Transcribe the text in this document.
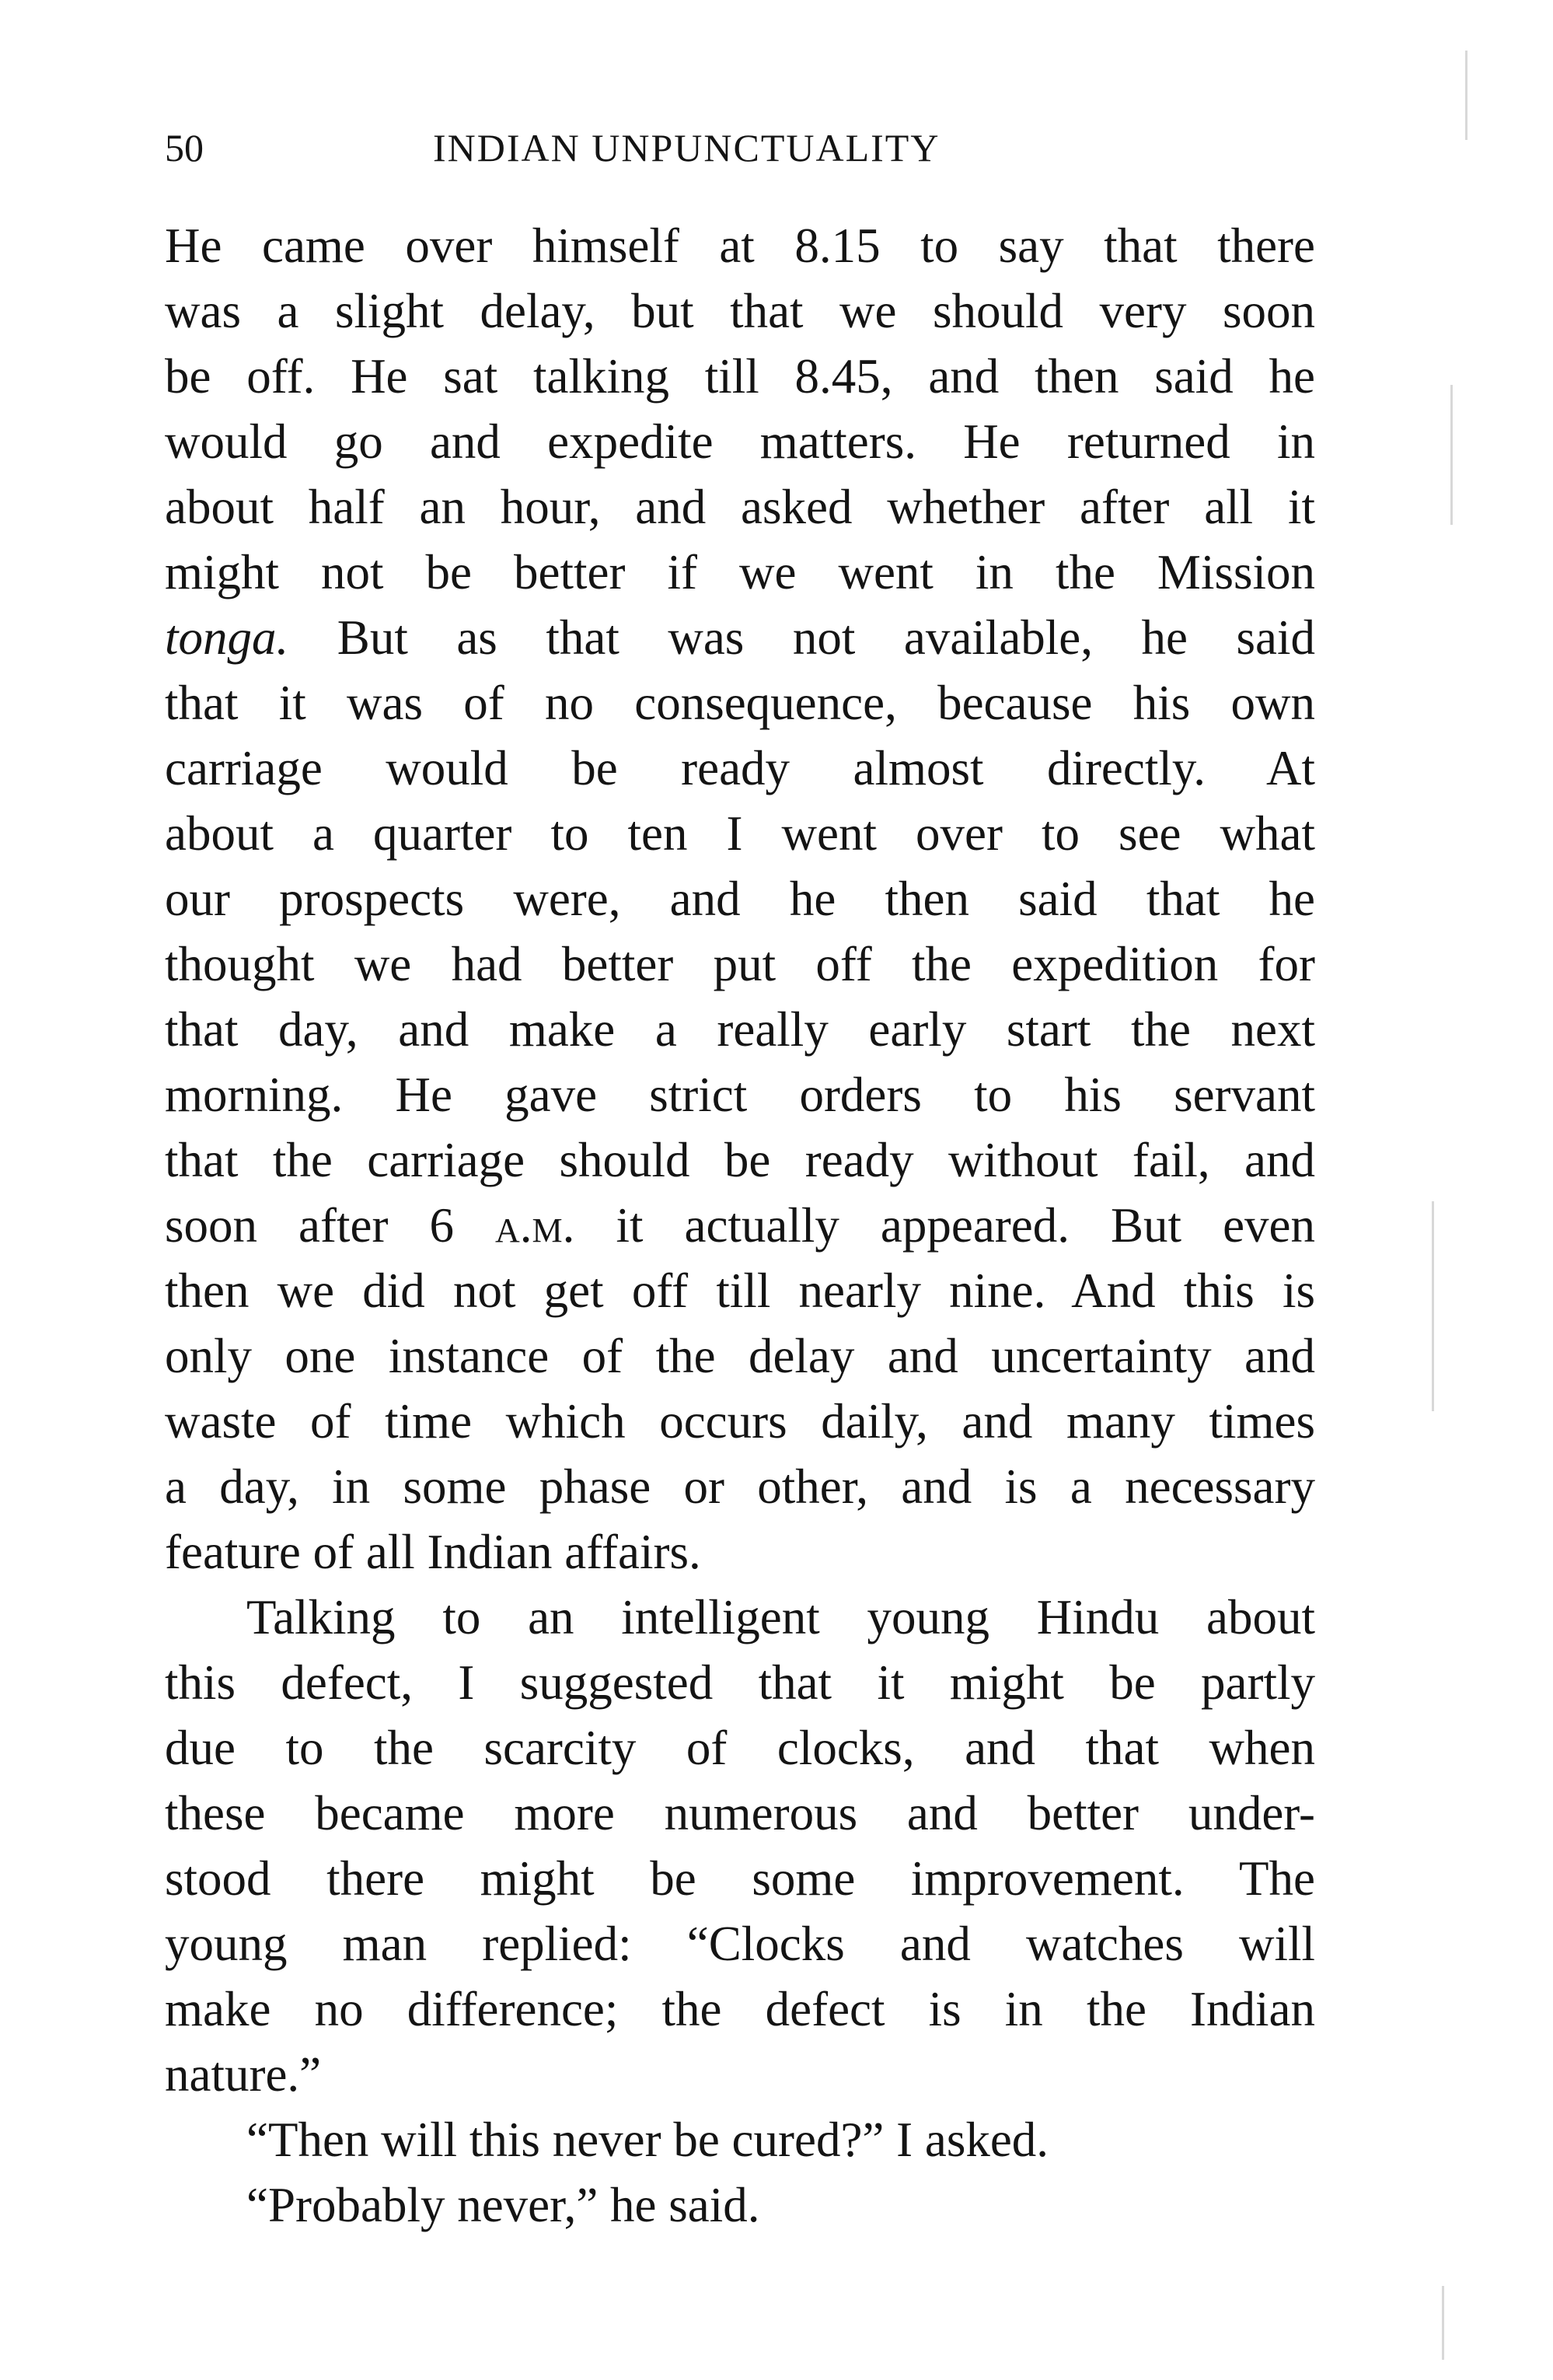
50	INDIAN UNPUNCTUALITY
He came over himself at 8.15 to say that there
was a slight delay, but that we should very soon
be off. He sat talking till 8.45, and then said he
would go and expedite matters. He returned in
about half an hour, and asked whether after all it
might not be better if we went in the Mission
tonga. But as that was not available, he said
that it was of no consequence, because his own
carriage would be ready almost directly. At
about a quarter to ten I went over to see what
our prospects were, and he then said that he
thought we had better put off the expedition for
that day, and make a really early start the next
morning. He gave strict orders to his servant
that the carriage should be ready without fail, and
soon after 6 a.m. it actually appeared. But even
then we did not get off till nearly nine. And this is
only one instance of the delay and uncertainty and
waste of time which occurs daily, and many times
a day, in some phase or other, and is a necessary
feature of all Indian affairs.
Talking to an intelligent young Hindu about
this defect, I suggested that it might be partly
due to the scarcity of clocks, and that when
these became more numerous and better under-
stood there might be some improvement. The
young man replied: “Clocks and watches will
make no difference; the defect is in the Indian
nature.”
“Then will this never be cured?” I asked.
“Probably never,” he said.
